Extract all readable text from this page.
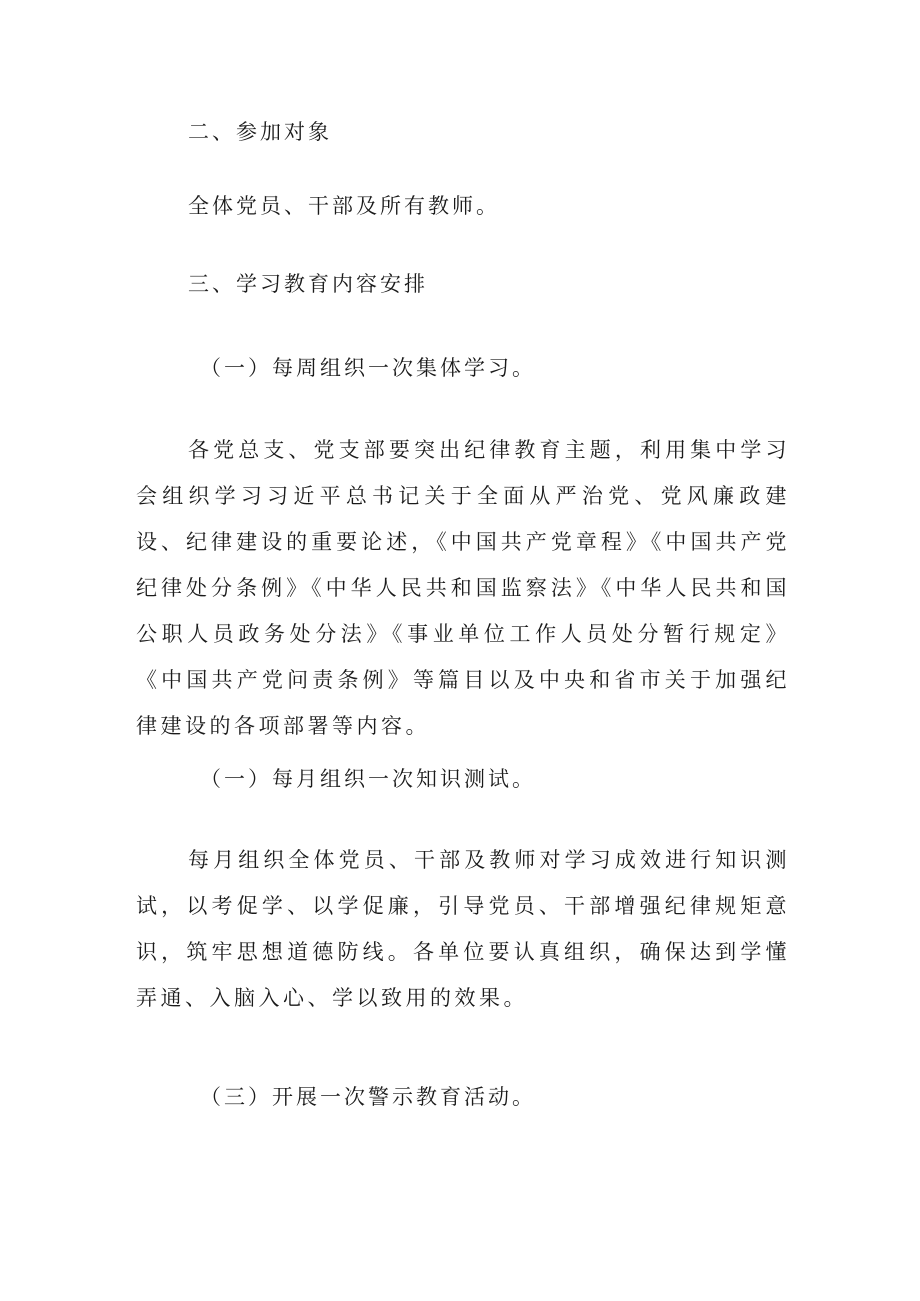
二、参加对象
全体党员、干部及所有教师。
三、学习教育内容安排
（一）每周组织一次集体学习。

各党总支、党支部要突出纪律教育主题，利用集中学习会组织学习习近平总书记关于全面从严治党、党风廉政建设、纪律建设的重要论述，《中国共产党章程》《中国共产党纪律处分条例》《中华人民共和国监察法》《中华人民共和国公职人员政务处分法》《事业单位工作人员处分暂行规定》《中国共产党问责条例》等篇目以及中央和省市关于加强纪律建设的各项部署等内容。

（一）每月组织一次知识测试。

每月组织全体党员、干部及教师对学习成效进行知识测试，以考促学、以学促廉，引导党员、干部增强纪律规矩意识，筑牢思想道德防线。各单位要认真组织，确保达到学懂弄通、入脑入心、学以致用的效果。

（三）开展一次警示教育活动。
